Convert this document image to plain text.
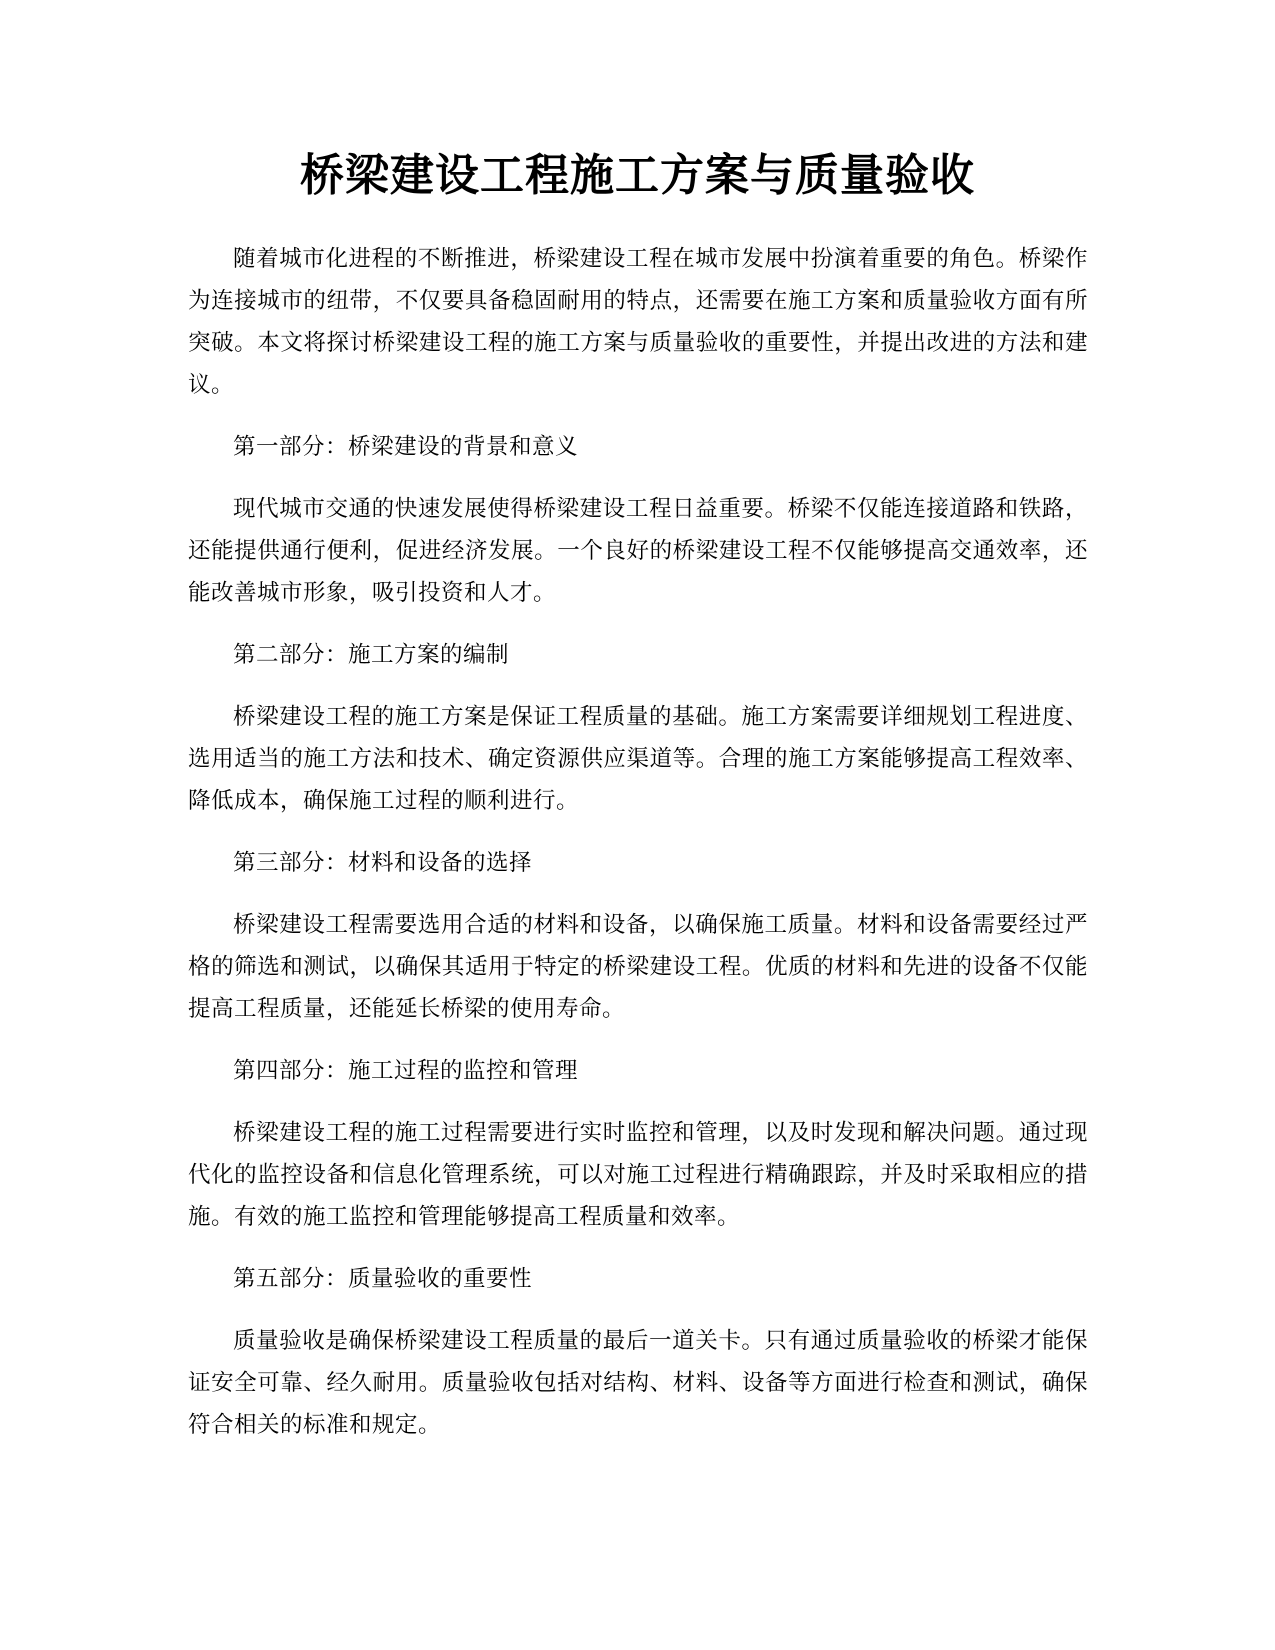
桥梁建设工程施工方案与质量验收

随着城市化进程的不断推进，桥梁建设工程在城市发展中扮演着重要的角色。桥梁作为连接城市的纽带，不仅要具备稳固耐用的特点，还需要在施工方案和质量验收方面有所突破。本文将探讨桥梁建设工程的施工方案与质量验收的重要性，并提出改进的方法和建议。

第一部分：桥梁建设的背景和意义

现代城市交通的快速发展使得桥梁建设工程日益重要。桥梁不仅能连接道路和铁路，还能提供通行便利，促进经济发展。一个良好的桥梁建设工程不仅能够提高交通效率，还能改善城市形象，吸引投资和人才。

第二部分：施工方案的编制

桥梁建设工程的施工方案是保证工程质量的基础。施工方案需要详细规划工程进度、选用适当的施工方法和技术、确定资源供应渠道等。合理的施工方案能够提高工程效率、降低成本，确保施工过程的顺利进行。

第三部分：材料和设备的选择

桥梁建设工程需要选用合适的材料和设备，以确保施工质量。材料和设备需要经过严格的筛选和测试，以确保其适用于特定的桥梁建设工程。优质的材料和先进的设备不仅能提高工程质量，还能延长桥梁的使用寿命。

第四部分：施工过程的监控和管理

桥梁建设工程的施工过程需要进行实时监控和管理，以及时发现和解决问题。通过现代化的监控设备和信息化管理系统，可以对施工过程进行精确跟踪，并及时采取相应的措施。有效的施工监控和管理能够提高工程质量和效率。

第五部分：质量验收的重要性

质量验收是确保桥梁建设工程质量的最后一道关卡。只有通过质量验收的桥梁才能保证安全可靠、经久耐用。质量验收包括对结构、材料、设备等方面进行检查和测试，确保符合相关的标准和规定。
